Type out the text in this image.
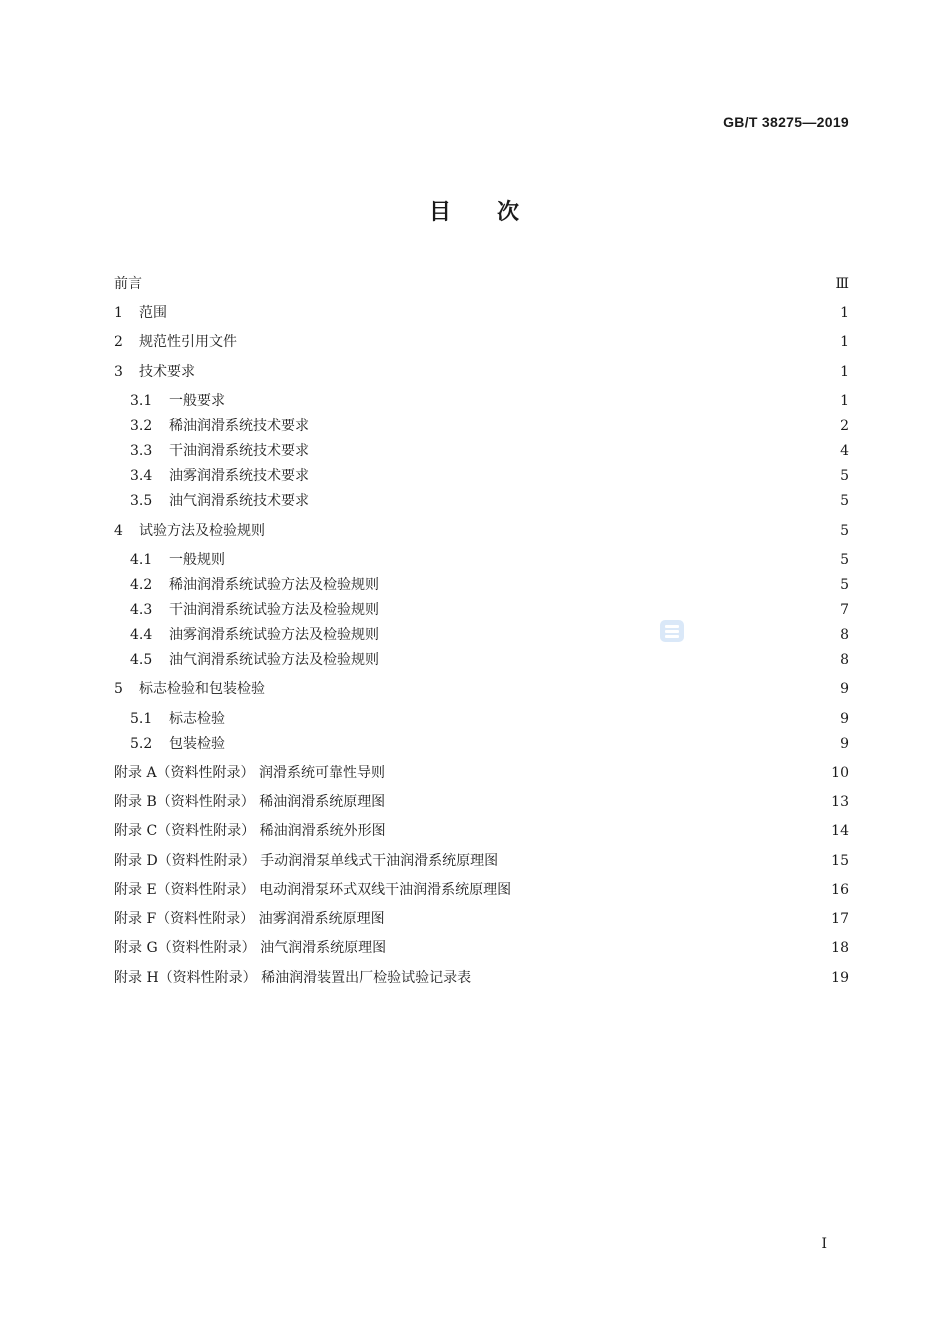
GB/T 38275—2019
目 次
前言	Ⅲ
1	范围	1
2	规范性引用文件	1
3	技术要求	1
3.1	一般要求	1
3.2	稀油润滑系统技术要求	2
3.3	干油润滑系统技术要求	4
3.4	油雾润滑系统技术要求	5
3.5	油气润滑系统技术要求	5
4	试验方法及检验规则	5
4.1	一般规则	5
4.2	稀油润滑系统试验方法及检验规则	5
4.3	干油润滑系统试验方法及检验规则	7
4.4	油雾润滑系统试验方法及检验规则	8
4.5	油气润滑系统试验方法及检验规则	8
5	标志检验和包装检验	9
5.1	标志检验	9
5.2	包装检验	9
附录 A（资料性附录） 润滑系统可靠性导则	10
附录 B（资料性附录） 稀油润滑系统原理图	13
附录 C（资料性附录） 稀油润滑系统外形图	14
附录 D（资料性附录） 手动润滑泵单线式干油润滑系统原理图	15
附录 E（资料性附录） 电动润滑泵环式双线干油润滑系统原理图	16
附录 F（资料性附录） 油雾润滑系统原理图	17
附录 G（资料性附录） 油气润滑系统原理图	18
附录 H（资料性附录） 稀油润滑装置出厂检验试验记录表	19
I
